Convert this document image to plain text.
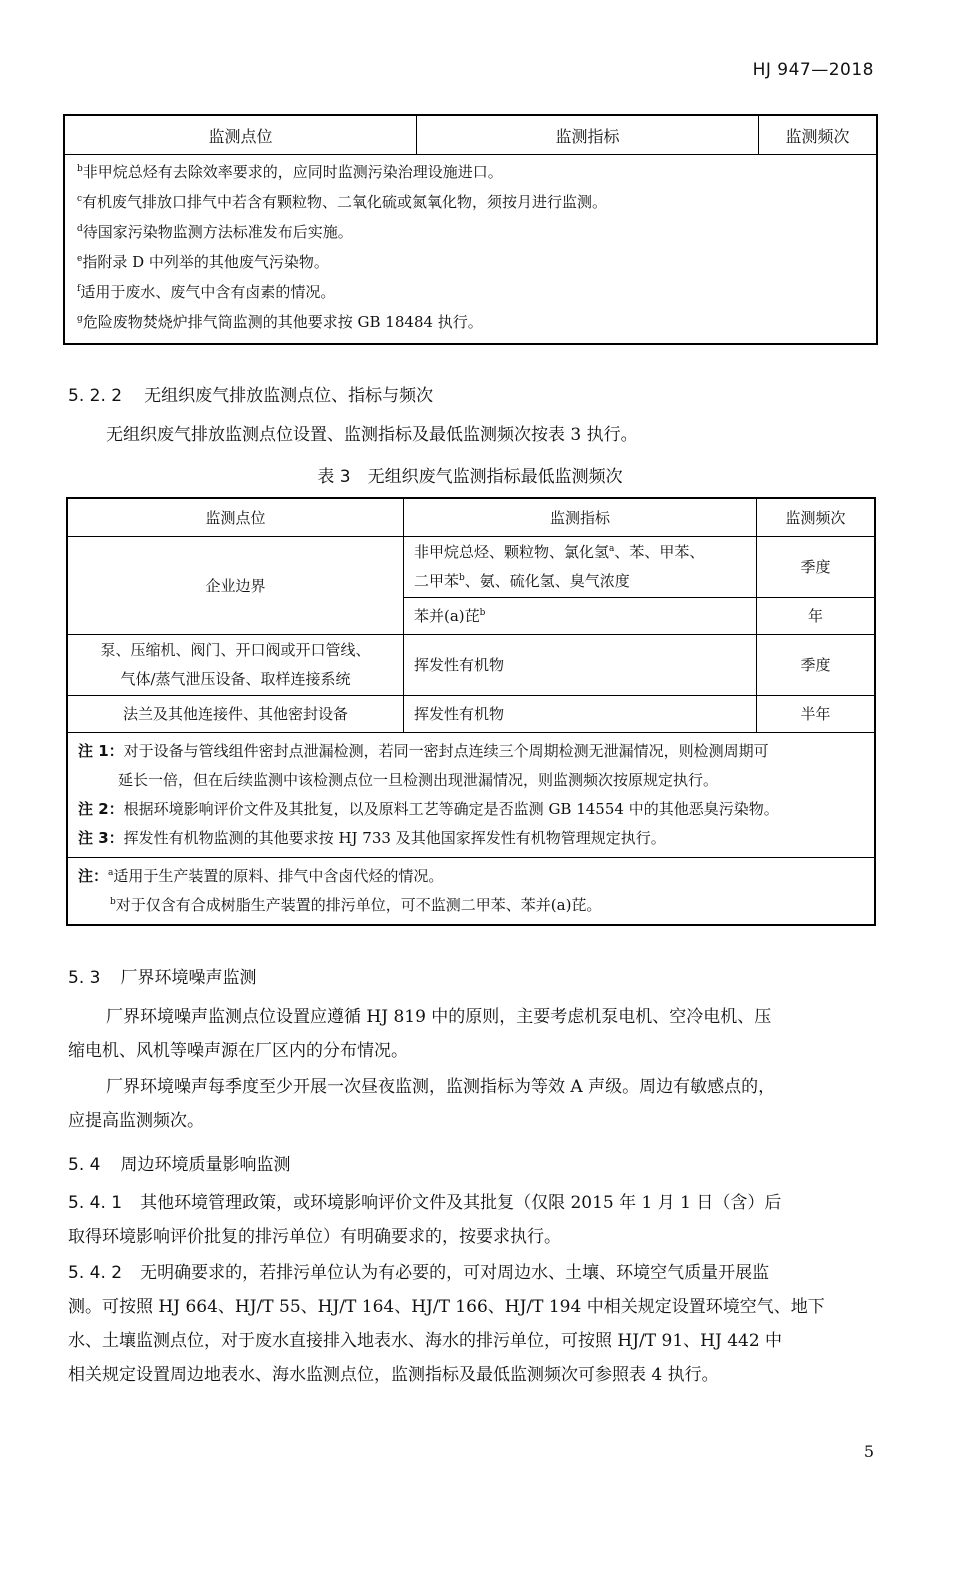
HJ 947—2018
监测点位	监测指标	监测频次

$^b$非甲烷总烃有去除效率要求的，应同时监测污染治理设施进口。
$^c$有机废气排放口排气中若含有颗粒物、二氧化硫或氮氧化物，须按月进行监测。
$^d$待国家污染物监测方法标准发布后实施。
$^e$指附录 D 中列举的其他废气污染物。
$^f$适用于废水、废气中含有卤素的情况。
$^g$危险废物焚烧炉排气筒监测的其他要求按 GB 18484 执行。
5. 2. 2 无组织废气排放监测点位、指标与频次
无组织废气排放监测点位设置、监测指标及最低监测频次按表 3 执行。
表 3　无组织废气监测指标最低监测频次
监测点位	监测指标	监测频次
企业边界	非甲烷总烃、颗粒物、氯化氢$^a$、苯、甲苯、
二甲苯$^b$、氨、硫化氢、臭气浓度	季度
	苯并(a)芘$^b$	年
泵、压缩机、阀门、开口阀或开口管线、
气体/蒸气泄压设备、取样连接系统	挥发性有机物	季度
法兰及其他连接件、其他密封设备	挥发性有机物	半年

注 1：对于设备与管线组件密封点泄漏检测，若同一密封点连续三个周期检测无泄漏情况，则检测周期可
延长一倍，但在后续监测中该检测点位一旦检测出现泄漏情况，则监测频次按原规定执行。
注 2：根据环境影响评价文件及其批复，以及原料工艺等确定是否监测 GB 14554 中的其他恶臭污染物。
注 3：挥发性有机物监测的其他要求按 HJ 733 及其他国家挥发性有机物管理规定执行。		

注：$^a$适用于生产装置的原料、排气中含卤代烃的情况。
$^b$对于仅含有合成树脂生产装置的排污单位，可不监测二甲苯、苯并(a)芘。		
5. 3 厂界环境噪声监测
厂界环境噪声监测点位设置应遵循 HJ 819 中的原则，主要考虑机泵电机、空冷电机、压
缩电机、风机等噪声源在厂区内的分布情况。
厂界环境噪声每季度至少开展一次昼夜监测，监测指标为等效 A 声级。周边有敏感点的，
应提高监测频次。
5. 4 周边环境质量影响监测
5. 4. 1 其他环境管理政策，或环境影响评价文件及其批复（仅限 2015 年 1 月 1 日（含）后
取得环境影响评价批复的排污单位）有明确要求的，按要求执行。
5. 4. 2 无明确要求的，若排污单位认为有必要的，可对周边水、土壤、环境空气质量开展监
测。可按照 HJ 664、HJ/T 55、HJ/T 164、HJ/T 166、HJ/T 194 中相关规定设置环境空气、地下
水、土壤监测点位，对于废水直接排入地表水、海水的排污单位，可按照 HJ/T 91、HJ 442 中
相关规定设置周边地表水、海水监测点位，监测指标及最低监测频次可参照表 4 执行。
5
